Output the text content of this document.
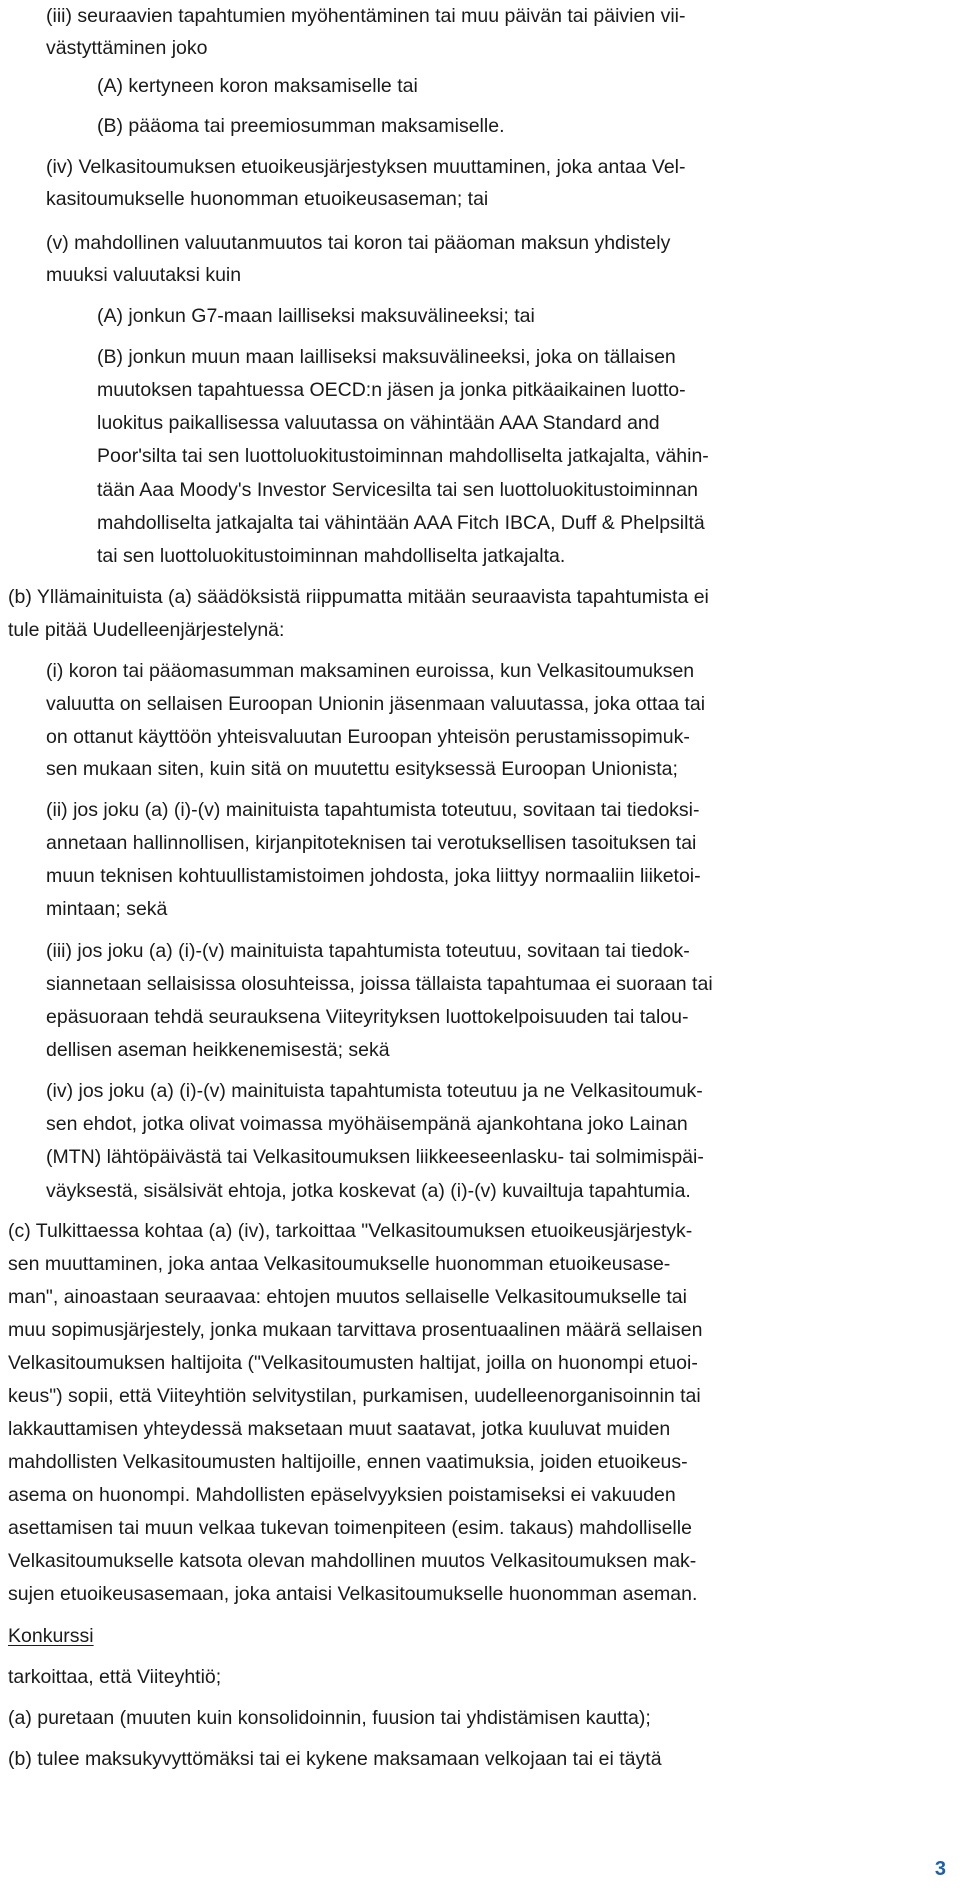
(iii) seuraavien tapahtumien myöhentäminen tai muu päivän tai päivien vii-
västyttäminen joko
(A) kertyneen koron maksamiselle tai
(B) pääoma tai preemiosumman maksamiselle.
(iv) Velkasitoumuksen etuoikeusjärjestyksen muuttaminen, joka antaa Vel-
kasitoumukselle huonomman etuoikeusaseman; tai
(v) mahdollinen valuutanmuutos tai koron tai pääoman maksun yhdistely
muuksi valuutaksi kuin
(A) jonkun G7-maan lailliseksi maksuvälineeksi; tai
(B) jonkun muun maan lailliseksi maksuvälineeksi, joka on tällaisen
muutoksen tapahtuessa OECD:n jäsen ja jonka pitkäaikainen luotto-
luokitus paikallisessa valuutassa on vähintään AAA Standard and
Poor'silta tai sen luottoluokitustoiminnan mahdolliselta jatkajalta, vähin-
tään Aaa Moody's Investor Servicesilta tai sen luottoluokitustoiminnan
mahdolliselta jatkajalta tai vähintään AAA Fitch IBCA, Duff & Phelpsiltä
tai sen luottoluokitustoiminnan mahdolliselta jatkajalta.
(b) Yllämainituista (a) säädöksistä riippumatta mitään seuraavista tapahtumista ei
tule pitää Uudelleenjärjestelynä:
(i) koron tai pääomasumman maksaminen euroissa, kun Velkasitoumuksen
valuutta on sellaisen Euroopan Unionin jäsenmaan valuutassa, joka ottaa tai
on ottanut käyttöön yhteisvaluutan Euroopan yhteisön perustamissopimuk-
sen mukaan siten, kuin sitä on muutettu esityksessä Euroopan Unionista;
(ii) jos joku (a) (i)-(v) mainituista tapahtumista toteutuu, sovitaan tai tiedoksi-
annetaan hallinnollisen, kirjanpitoteknisen tai verotuksellisen tasoituksen tai
muun teknisen kohtuullistamistoimen johdosta, joka liittyy normaaliin liiketoi-
mintaan; sekä
(iii) jos joku (a) (i)-(v) mainituista tapahtumista toteutuu, sovitaan tai tiedok-
siannetaan sellaisissa olosuhteissa, joissa tällaista tapahtumaa ei suoraan tai
epäsuoraan tehdä seurauksena Viiteyrityksen luottokelpoisuuden tai talou-
dellisen aseman heikkenemisestä; sekä
(iv) jos joku (a) (i)-(v) mainituista tapahtumista toteutuu ja ne Velkasitoumuk-
sen ehdot, jotka olivat voimassa myöhäisempänä ajankohtana joko Lainan
(MTN) lähtöpäivästä tai Velkasitoumuksen liikkeeseenlasku- tai solmimispäi-
väyksestä, sisälsivät ehtoja, jotka koskevat (a) (i)-(v) kuvailtuja tapahtumia.
(c) Tulkittaessa kohtaa (a) (iv), tarkoittaa "Velkasitoumuksen etuoikeusjärjestyk-
sen muuttaminen, joka antaa Velkasitoumukselle huonomman etuoikeusase-
man", ainoastaan seuraavaa: ehtojen muutos sellaiselle Velkasitoumukselle tai
muu sopimusjärjestely, jonka mukaan tarvittava prosentuaalinen määrä sellaisen
Velkasitoumuksen haltijoita ("Velkasitoumusten haltijat, joilla on huonompi etuoi-
keus") sopii, että Viiteyhtiön selvitystilan, purkamisen, uudelleenorganisoinnin tai
lakkauttamisen yhteydessä maksetaan muut saatavat, jotka kuuluvat muiden
mahdollisten Velkasitoumusten haltijoille, ennen vaatimuksia, joiden etuoikeus-
asema on huonompi. Mahdollisten epäselvyyksien poistamiseksi ei vakuuden
asettamisen tai muun velkaa tukevan toimenpiteen (esim. takaus) mahdolliselle
Velkasitoumukselle katsota olevan mahdollinen muutos Velkasitoumuksen mak-
sujen etuoikeusasemaan, joka antaisi Velkasitoumukselle huonomman aseman.
Konkurssi
tarkoittaa, että Viiteyhtiö;
(a) puretaan (muuten kuin konsolidoinnin, fuusion tai yhdistämisen kautta);
(b) tulee maksukyvyttömäksi tai ei kykene maksamaan velkojaan tai ei täytä
3
